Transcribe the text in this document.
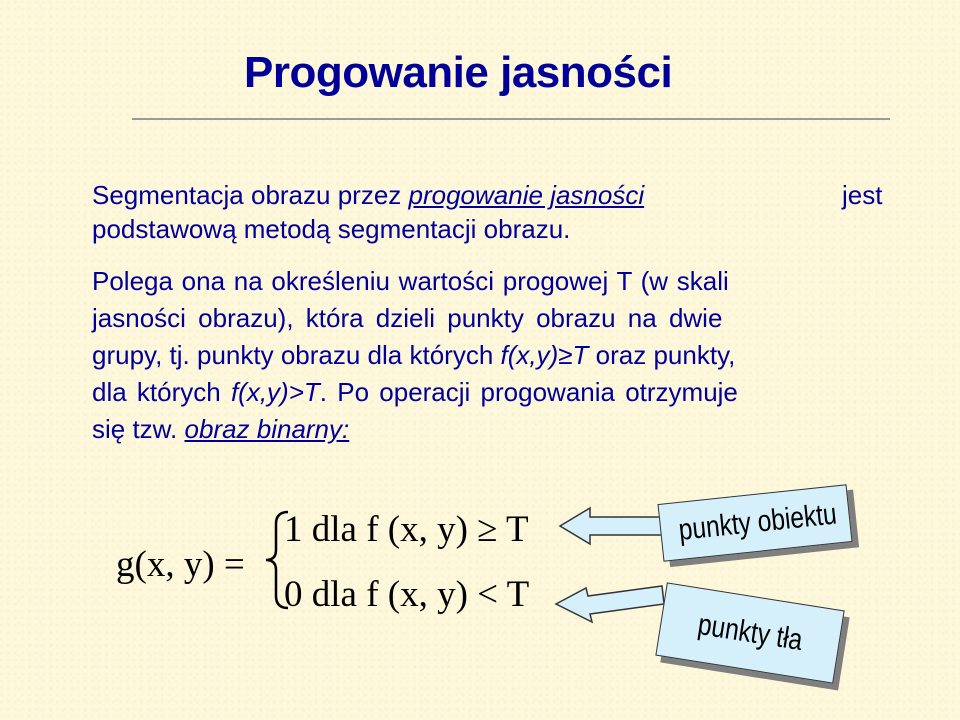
Progowanie jasności
Segmentacja obrazu przez progowanie jasności	jest
podstawową metodą segmentacji obrazu.
Polega ona na określeniu wartości progowej T (w skali
jasności obrazu), która dzieli punkty obrazu na dwie
grupy, tj. punkty obrazu dla których f(x,y)≥T oraz punkty,
dla których f(x,y)>T. Po operacji progowania otrzymuje
się tzw. obraz binarny:
g(x, y) =
1 dla f (x, y) ≥ T
0 dla f (x, y) < T
punkty obiektu
punkty tła
